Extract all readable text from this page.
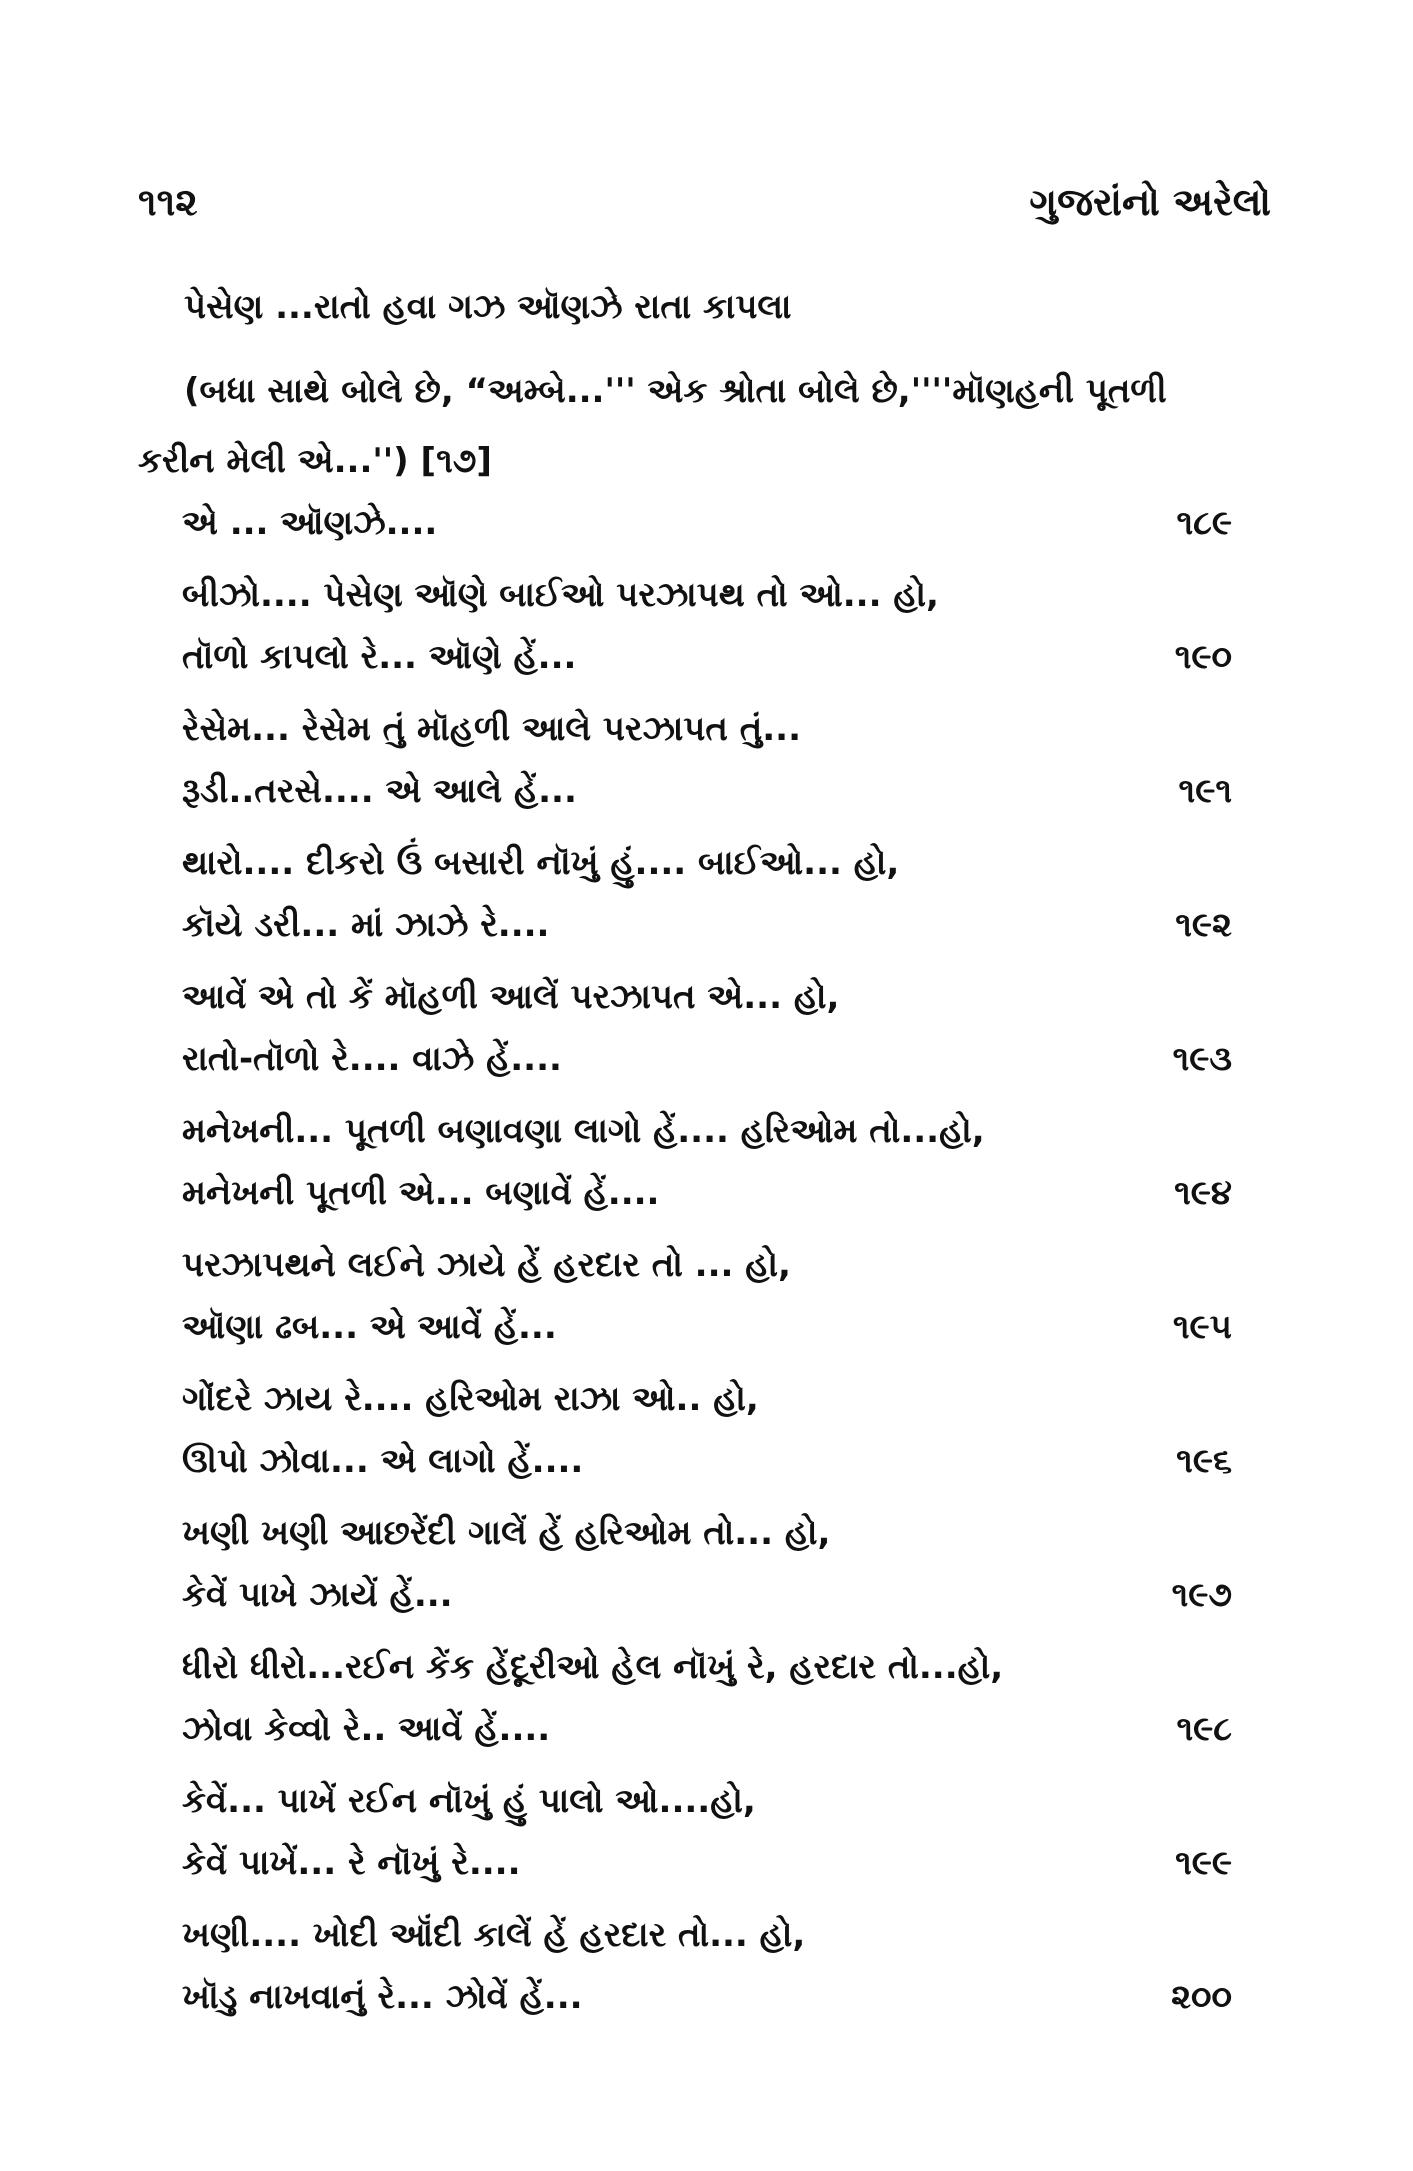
૧૧૨	ગુજરાંનો અરેલો

પેસેણ ...રાતો હવા ગઝ ઑણઝે રાતા કાપલા

(બધા સાથે બોલે છે, “અમ્બે...''' એક શ્રોતા બોલે છે,''''મૉણહની પૂતળી
કરીન મેલી એ...'') [૧૭]

એ ... ઑણઝે....	૧૮૯
બીઝો.... પેસેણ ઑણે બાઈઓ પરઝાપથ તો ઓ... હો,
તૉળો કાપલો રે... ઑણે હેં...	૧૯૦
રેસેમ... રેસેમ તું મૉહળી આલે પરઝાપત તું...
રૂડી..તરસે.... એ આલે હેં...	૧૯૧
થારો.... દીકરો ઉં બસારી નૉખું હું.... બાઈઓ... હો,
કૉયે ડરી... માં ઝાઝે રે....	૧૯૨
આવેં એ તો કેં મૉહળી આલેં પરઝાપત એ... હો,
રાતો-તૉળો રે.... વાઝે હેં....	૧૯૩
મનેખની... પૂતળી બણાવણા લાગો હેં.... હરિઓમ તો...હો,
મનેખની પૂતળી એ... બણાવેં હેં....	૧૯૪
પરઝાપથને લઈને ઝાયે હેં હરદાર તો ... હો,
ઑણા ઢબ... એ આવેં હેં...	૧૯૫
ગોંદરે ઝાય રે.... હરિઓમ રાઝા ઓ.. હો,
ઊપો ઝોવા... એ લાગો હેં....	૧૯૬
ખણી ખણી આછરેંદી ગાલેં હેં હરિઓમ તો... હો,
કેવેં પાખે ઝાયેં હેં...	૧૯૭
ધીરો ધીરો...રઈન કેંક હેંદૂરીઓ હેલ નૉખું રે, હરદાર તો...હો,
ઝોવા કેવ્વો રે.. આવેં હેં....	૧૯૮
કેવેં... પાખેં રઈન નૉખું હું પાલો ઓ....હો,
કેવેં પાખેં... રે નૉખું રે....	૧૯૯
ખણી.... ખોદી ઑંદી કાલેં હેં હરદાર તો... હો,
ખૉડુ નાખવાનું રે... ઝોવેં હેં...	૨૦૦
